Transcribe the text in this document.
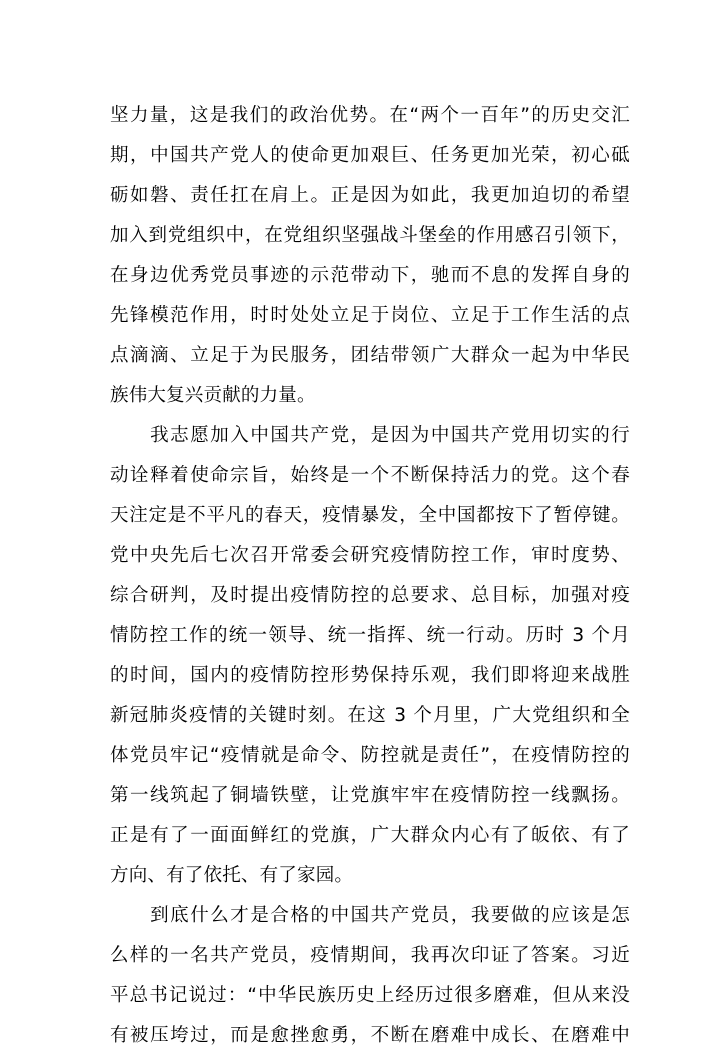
坚力量，这是我们的政治优势。在“两个一百年”的历史交汇
期，中国共产党人的使命更加艰巨、任务更加光荣，初心砥
砺如磐、责任扛在肩上。正是因为如此，我更加迫切的希望
加入到党组织中，在党组织坚强战斗堡垒的作用感召引领下，
在身边优秀党员事迹的示范带动下，驰而不息的发挥自身的
先锋模范作用，时时处处立足于岗位、立足于工作生活的点
点滴滴、立足于为民服务，团结带领广大群众一起为中华民
族伟大复兴贡献的力量。
　　我志愿加入中国共产党，是因为中国共产党用切实的行
动诠释着使命宗旨，始终是一个不断保持活力的党。这个春
天注定是不平凡的春天，疫情暴发，全中国都按下了暂停键。
党中央先后七次召开常委会研究疫情防控工作，审时度势、
综合研判，及时提出疫情防控的总要求、总目标，加强对疫
情防控工作的统一领导、统一指挥、统一行动。历时 3 个月
的时间，国内的疫情防控形势保持乐观，我们即将迎来战胜
新冠肺炎疫情的关键时刻。在这 3 个月里，广大党组织和全
体党员牢记“疫情就是命令、防控就是责任”，在疫情防控的
第一线筑起了铜墙铁壁，让党旗牢牢在疫情防控一线飘扬。
正是有了一面面鲜红的党旗，广大群众内心有了皈依、有了
方向、有了依托、有了家园。
　　到底什么才是合格的中国共产党员，我要做的应该是怎
么样的一名共产党员，疫情期间，我再次印证了答案。习近
平总书记说过：“中华民族历史上经历过很多磨难，但从来没
有被压垮过，而是愈挫愈勇，不断在磨难中成长、在磨难中
